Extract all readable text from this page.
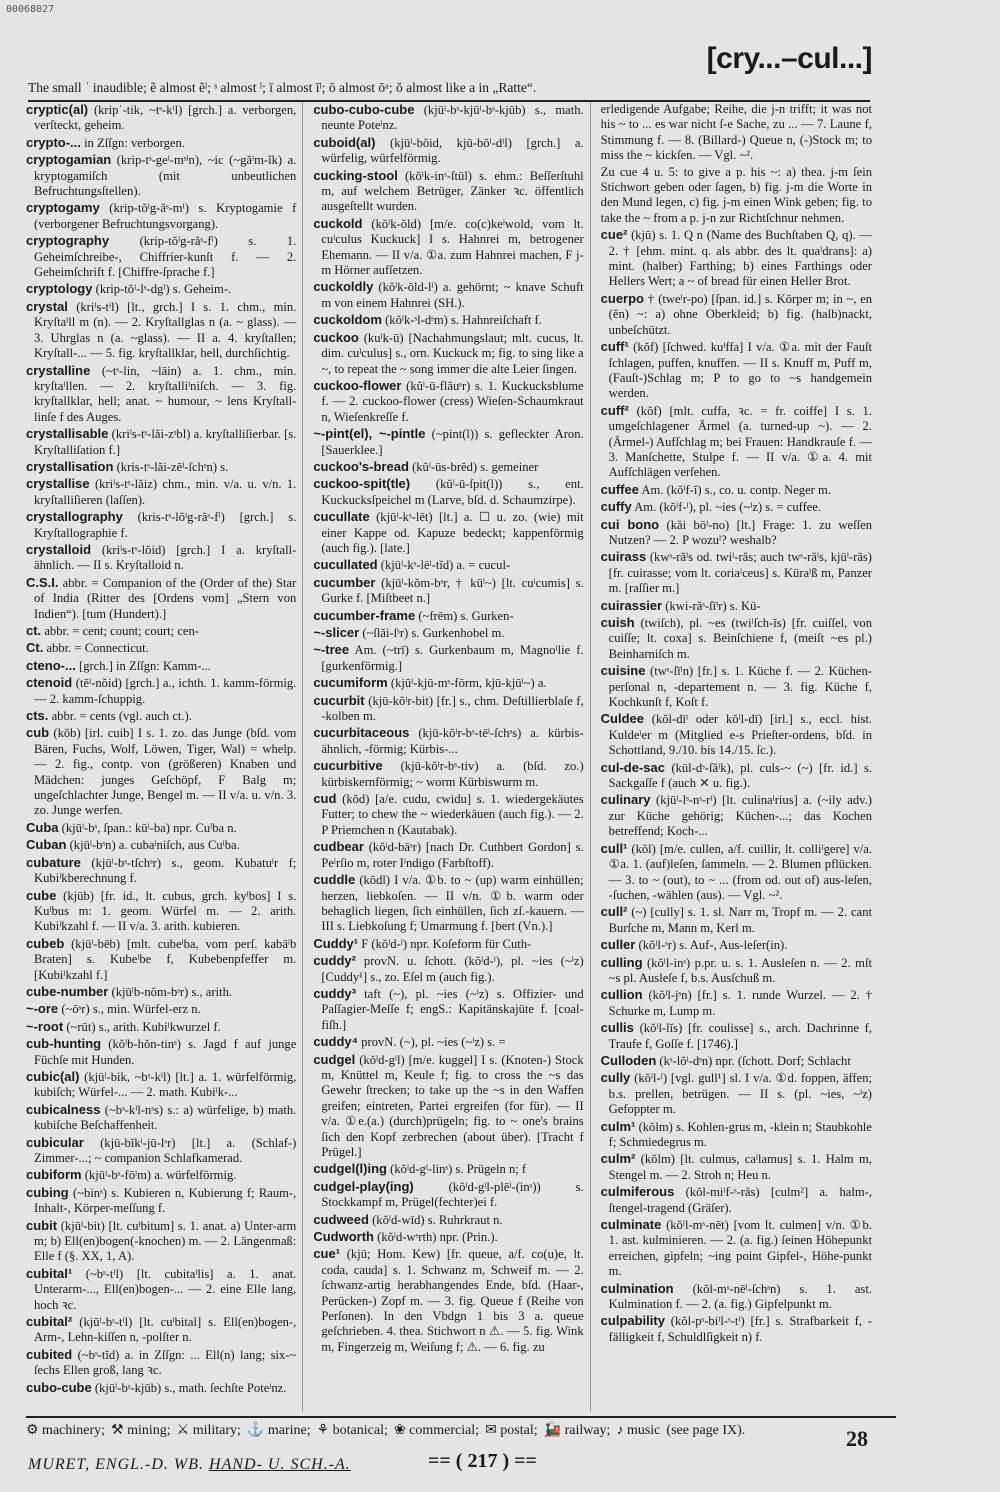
00068027
The small ˈ inaudible; ẽ almost ẽˡ; ˢ almost ˡ; ī almost īˡ; ō almost ōᵃ; ŏ almost like a in „Ratte“.
[cry...–cul...]

cryptic(al) (kripˈ-tik, ~tˢ-kˡl) [grch.] a. verborgen, verſteckt, geheim.

crypto-... in Zſſgn: verborgen.

cryptogamian (krip-tˢ-geˡ-mˢˡn), ~ic (~găˡm-ĭk) a. kryptogamiſch (mit unbeutlichen Befruchtungsſtellen).

cryptogamy (krip-tŏˡg-ăˢ-mˡ) s. Kryptogamie f (verborgener Befruchtungsvorgang).

cryptography (krip-tŏˡg-răˢ-fˡ) s. 1. Geheimſchreibe-, Chiffrier-kunſt f. — 2. Geheimſchrift f. [Chiffre-ſprache f.]

cryptology (krip-tŏˡ-lˢ-dgˡ) s. Geheim-.

crystal (kriˡs-tˡl) [lt., grch.] I s. 1. chm., min. Kryſtaˡll m (n). — 2. Kryſtallglas n (a. ~ glass). — 3. Uhrglas n (a. ~glass). — II a. 4. kryſtallen; Kryſtall-... — 5. fig. kryſtallklar, hell, durchſichtig.

crystalline (~tˢ-lin, ~lāin) a. 1. chm., min. kryſtaˡllen. — 2. kryſtalliˡniſch. — 3. fig. kryſtallklar, hell; anat. ~ humour, ~ lens Kryſtall-linſe f des Auges.

crystallisable (kriˡs-tˢ-lăi-zˢbl) a. kryſtalliſierbar. [s. Kryſtalliſation f.]

crystallisation (kris-tˢ-lăi-zēˡ-ſchˢn) s.

crystallise (kriˡs-tˢ-lăiz) chm., min. v/a. u. v/n. 1. kryſtalliſieren (laſſen).

crystallography (kris-tˢ-lŏˡg-răˢ-fˡ) [grch.] s. Kryſtallographie f.

crystalloid (kriˡs-tˢ-lŏid) [grch.] I a. kryſtall-ähnlich. — II s. Kryſtalloid n.

C.S.I. abbr. = Companion of the (Order of the) Star of India (Ritter des [Ordens vom] „Stern von Indien“). [tum (Hundert).]

ct. abbr. = cent; count; court; cen-

Ct. abbr. = Connecticut.

cteno-... [grch.] in Zſſgn: Kamm-...

ctenoid (tēˡ-nŏid) [grch.] a., ichth. 1. kamm-förmig. — 2. kamm-ſchuppig.

cts. abbr. = cents (vgl. auch ct.).

cub (kŏb) [irl. cuib] I s. 1. zo. das Junge (bſd. vom Bären, Fuchs, Wolf, Löwen, Tiger, Wal) = whelp. — 2. fig., contp. von (größeren) Knaben und Mädchen: junges Geſchöpf, F Balg m; ungeſchlachter Junge, Bengel m. — II v/a. u. v/n. 3. zo. Junge werfen.

Cuba (kjūˡ-bˢ, ſpan.: kūˡ-ba) npr. Cuˡba n.

Cuban (kjūˡ-bˢn) a. cubaˡniſch, aus Cuˡba.

cubature (kjūˡ-bˢ-tſchˢr) s., geom. Kubatuˡr f; Kubiˡkberechnung f.

cube (kjūb) [fr. id., lt. cubus, grch. kyˡbos] I s. Kuˡbus m: 1. geom. Würfel m. — 2. arith. Kubiˡkzahl f. — II v/a. 3. arith. kubieren.

cubeb (kjūˡ-bēb) [mlt. cubeˡba, vom perſ. kabāˡb Braten] s. Kubeˡbe f, Kubebenpfeffer m. [Kubiˡkzahl f.]

cube-number (kjūˡb-nŏm-bˢr) s., arith.

~-ore (~ōˢr) s., min. Würfel-erz n.

~-root (~rūt) s., arith. Kubiˡkwurzel f.

cub-hunting (kŏˡb-hŏn-tinˢ) s. Jagd f auf junge Füchſe mit Hunden.

cubic(al) (kjūˡ-bik, ~bˢ-kˡl) [lt.] a. 1. würfelförmig, kubiſch; Würfel-... — 2. math. Kubiˡk-...

cubicalness (~bˢ-kˡl-nˢs) s.: a) würfelige, b) math. kubiſche Beſchaffenheit.

cubicular (kjū-bĭkˡ-jū-lˢr) [lt.] a. (Schlaf-) Zimmer-...; ~ companion Schlafkamerad.

cubiform (kjūˡ-bˢ-fōˡm) a. würfelförmig.

cubing (~binˢ) s. Kubieren n, Kubierung f; Raum-, Inhalt-, Körper-meſſung f.

cubit (kjūˡ-bit) [lt. cuˡbitum] s. 1. anat. a) Unter-arm m; b) Ell(en)bogen(-knochen) m. — 2. Längenmaß: Elle f (§. XX, 1, A).

cubital¹ (~bˢ-tˡl) [lt. cubitaˡlis] a. 1. anat. Unterarm-..., Ell(en)bogen-... — 2. eine Elle lang, hoch ꝛc.

cubital² (kjūˡ-bˢ-tˡl) [lt. cuˡbital] s. Ell(en)bogen-, Arm-, Lehn-kiſſen n, -polſter n.

cubited (~bˢ-tĭd) a. in Zſſgn: ... Ell(n) lang; six-~ ſechs Ellen groß, lang ꝛc.

cubo-cube (kjūˡ-bˢ-kjūb) s., math. ſechſte Poteˡnz.

cubo-cubo-cube (kjūˡ-bˢ-kjūˡ-bˢ-kjūb) s., math. neunte Poteˡnz.

cuboid(al) (kjūˡ-bŏid, kjū-bŏˡ-dˡl) [grch.] a. würfelig, würfelförmig.

cucking-stool (kŏˡk-inˢ-ſtūl) s. ehm.: Beſſerſtuhl m, auf welchem Betrüger, Zänker ꝛc. öffentlich ausgeſtellt wurden.

cuckold (kŏˡk-ŏld) [m/e. co(c)keˡwold, vom lt. cuˡculus Kuckuck] I s. Hahnrei m, betrogener Ehemann. — II v/a. ①a. zum Hahnrei machen, F j-m Hörner aufſetzen.

cuckoldly (kŏˡk-ŏld-lˡ) a. gehörnt; ~ knave Schuft m von einem Hahnrei (SH.).

cuckoldom (kŏˡk-ˢl-dˢm) s. Hahnreiſchaft f.

cuckoo (kuˡk-ū) [Nachahmungslaut; mlt. cucus, lt. dim. cuˡculus] s., orn. Kuckuck m; fig. to sing like a ~, to repeat the ~ song immer die alte Leier ſingen.

cuckoo-flower (kŭˡ-ū-flăuˢr) s. 1. Kuckucksblume f. — 2. cuckoo-flower (cress) Wieſen-Schaumkraut n, Wieſenkreſſe f.

~-pint(el), ~-pintle (~pint(l)) s. gefleckter Aron. [Sauerklee.]

cuckoo's-bread (kŭˡ-ūs-brĕd) s. gemeiner

cuckoo-spit(tle) (kŭˡ-ū-ſpit(l)) s., ent. Kuckucksſpeichel m (Larve, bſd. d. Schaumzirpe).

cucullate (kjūˡ-kˢ-lēt) [lt.] a. ☐ u. zo. (wie) mit einer Kappe od. Kapuze bedeckt; kappenförmig (auch fig.). [late.]

cucullated (kjūˡ-kˢ-lēˡ-tĭd) a. = cucul-

cucumber (kjūˡ-kŏm-bˢr, † kūˡ~) [lt. cuˡcumis] s. Gurke f. [Miſtbeet n.]

cucumber-frame (~frēm) s. Gurken-

~-slicer (~ſlăi-ſˢr) s. Gurkenhobel m.

~-tree Am. (~trī) s. Gurkenbaum m, Magnoˡlie f. [gurkenförmig.]

cucumiform (kjūˡ-kjū-mˢ-fōrm, kjū-kjūˡ~) a.

cucurbit (kjū-kŏˡr-bit) [fr.] s., chm. Deſtillierblaſe f, -kolben m.

cucurbitaceous (kjū-kŏˡr-bˢ-tēˡ-ſchˢs) a. kürbis-ähnlich, -förmig; Kürbis-...

cucurbitive (kjū-kŏˡr-bˢ-tiv) a. (bſd. zo.) kürbiskernförmig; ~ worm Kürbiswurm m.

cud (kŏd) [a/e. cudu, cwidu] s. 1. wiedergekäutes Futter; to chew the ~ wiederkäuen (auch fig.). — 2. P Priemchen n (Kautabak).

cudbear (kŏˡd-bāˢr) [nach Dr. Cuthbert Gordon] s. Peˡrſio m, roter Iˡndigo (Farbſtoff).

cuddle (kŏdl) I v/a. ①b. to ~ (up) warm einhüllen; herzen, liebkoſen. — II v/n. ①b. warm oder behaglich liegen, ſich einhüllen, ſich zſ.-kauern. — III s. Liebkoſung f; Umarmung f. [bert (Vn.).]

Cuddy¹ F (kŏˡd-ˡ) npr. Koſeform für Cuth-

cuddy² provN. u. ſchott. (kŏˡd-ˡ), pl. ~ies (~ˡz) [Cuddy¹] s., zo. Eſel m (auch fig.).

cuddy³ taft (~), pl. ~ies (~ˡz) s. Offizier- und Paſſagier-Meſſe f; engS.: Kapitänskajüte f. [coal-fiſh.]

cuddy⁴ provN. (~), pl. ~ies (~ˡz) s. =

cudgel (kŏˡd-gˡl) [m/e. kuggel] I s. (Knoten-) Stock m, Knüttel m, Keule f; fig. to cross the ~s das Gewehr ſtrecken; to take up the ~s in den Waffen greifen; eintreten, Partei ergreifen (for für). — II v/a. ①e.(a.) (durch)prügeln; fig. to ~ one's brains ſich den Kopf zerbrechen (about über). [Tracht f Prügel.]

cudgel(l)ing (kŏˡd-gˡ-linˢ) s. Prügeln n; f

cudgel-play(ing)	(kŏˡd-gˡl-plēˡ-(inˢ)) s. Stockkampf m, Prügel(fechter)ei f.

cudweed (kŏˡd-wīd) s. Ruhrkraut n.

Cudworth (kŏˡd-wˢrth) npr. (Prin.).

cue¹ (kjū; Hom. Kew) [fr. queue, a/f. co(u)e, lt. coda, cauda] s. 1. Schwanz m, Schweif m. — 2. ſchwanz-artig herabhangendes Ende, bſd. (Haar-, Perücken-) Zopf m. — 3. fig. Queue f (Reihe von Perſonen). In den Vbdgn 1 bis 3 a. queue geſchrieben. 4. thea. Stichwort n ⚠. — 5. fig. Wink m, Fingerzeig m, Weiſung f; ⚠. — 6. fig. zu

erledigende Aufgabe; Reihe, die j-n trifft; it was not his ~ to ... es war nicht ſ-e Sache, zu ... — 7. Laune f, Stimmung f. — 8. (Billard-) Queue n, (-)Stock m; to miss the ~ kickſen. — Vgl. ~².

Zu cue 4 u. 5: to give a p. his ~: a) thea. j-m ſein Stichwort geben oder ſagen, b) fig. j-m die Worte in den Mund legen, c) fig. j-m einen Wink geben; fig. to take the ~ from a p. j-n zur Richtſchnur nehmen.

cue² (kjū) s. 1. Q n (Name des Buchſtaben Q, q). — 2. † [ehm. mint. q. als abbr. des lt. quaˡdrans]: a) mint. (halber) Farthing; b) eines Farthings oder Hellers Wert; a ~ of bread für einen Heller Brot.

cuerpo † (tweˡr-po) [ſpan. id.] s. Körper m; in ~, en (ĕn) ~: a) ohne Oberkleid; b) fig. (halb)nackt, unbeſchützt.

cuff¹ (kŏf) [ſchwed. kuˡffa] I v/a. ①a. mit der Fauſt ſchlagen, puffen, knuffen. — II s. Knuff m, Puff m, (Fauſt-)Schlag m; P to go to ~s handgemein werden.

cuff² (kŏf) [mlt. cuffa, ꝛc. = fr. coiffe] I s. 1. umgeſchlagener Ärmel (a. turned-up ~). — 2. (Ärmel-) Aufſchlag m; bei Frauen: Handkrauſe f. — 3. Manſchette, Stulpe f. — II v/a. ①a. 4. mit Aufſchlägen verſehen.

cuffee Am. (kŏˡf-ĭ) s., co. u. contp. Neger m.

cuffy Am. (kŏˡf-ˡ), pl. ~ies (~ˡz) s. = cuffee.

cui bono (kăi bōˡ-no) [lt.] Frage: 1. zu weſſen Nutzen? — 2. P wozuˡ? weshalb?

cuirass (kwˢ-răˡs od. twiˡ-răs; auch twˢ-răˡs, kjūˡ-răs) [fr. cuirasse; vom lt. coriaˡceus] s. Küraˡß m, Panzer m. [raſſier m.]

cuirassier (kwi-răˢ-ſīˡr) s. Kü-

cuish (twiſch), pl. ~es (twiˡſch-ĭs) [fr. cuiſſel, von cuiſſe; lt. coxa] s. Beinſchiene f, (meiſt ~es pl.) Beinharniſch m.

cuisine (twˢ-ſīˡn) [fr.] s. 1. Küche f. — 2. Küchen-perſonal n, -departement n. — 3. fig. Küche f, Kochkunſt f, Koſt f.

Culdee (kŏl-dīˡ oder kŏˡl-dī) [irl.] s., eccl. hist. Kuldeˡer m (Mitglied e-s Prieſter-ordens, bſd. in Schottland, 9./10. bis 14./15. ſc.).

cul-de-sac (kūl-dˢ-ſăˡk), pl. culs-~ (~) [fr. id.] s. Sackgaſſe f (auch ✕ u. fig.).

culinary (kjūˡ-lˢ-nˢ-rˡ) [lt. culinaˡrius] a. (~ily adv.) zur Küche gehörig; Küchen-...; das Kochen betreffend; Koch-...

cull¹ (kŏl) [m/e. cullen, a/f. cuillir, lt. colliˡgere] v/a. ①a. 1. (auf)leſen, ſammeln. — 2. Blumen pflücken. — 3. to ~ (out), to ~ ... (from od. out of) aus-leſen, -ſuchen, -wählen (aus). — Vgl. ~².

cull² (~) [cully] s. 1. sl. Narr m, Tropf m. — 2. cant Burſche m, Mann m, Kerl m.

culler (kŏˡl-ˢr) s. Auf-, Aus-leſer(in).

culling (kŏˡl-inˢ) p.pr. u. s. 1. Ausleſen n. — 2. mſt ~s pl. Ausleſe f, b.s. Ausſchuß m.

cullion (kŏˡl-jˢn) [fr.] s. 1. runde Wurzel. — 2. † Schurke m, Lump m.

cullis (kŏˡl-lĭs) [fr. coulisse] s., arch. Dachrinne f, Traufe f, Goſſe f. [1746).]

Culloden (kˢ-lŏˡ-dˢn) npr. (ſchott. Dorf; Schlacht

cully (kŏˡl-ˡ) [vgl. gull¹] sl. I v/a. ①d. foppen, äffen; b.s. prellen, betrügen. — II s. (pl. ~ies, ~ˡz) Gefoppter m.

culm¹ (kŏlm) s. Kohlen-grus m, -klein n; Staubkohle f; Schmiedegrus m.

culm² (kŏlm) [lt. culmus, caˡlamus] s. 1. Halm m, Stengel m. — 2. Stroh n; Heu n.

culmiferous (kŏl-miˡf-ˢ-răs) [culm²] a. halm-, ſtengel-tragend (Gräſer).

culminate (kŏˡl-mˢ-nēt) [vom lt. culmen] v/n. ①b. 1. ast. kulminieren. — 2. (a. fig.) ſeinen Höhepunkt erreichen, gipfeln; ~ing point Gipfel-, Höhe-punkt m.

culmination (kŏl-mˢ-nēˡ-ſchˢn) s. 1. ast. Kulmination f. — 2. (a. fig.) Gipfelpunkt m.

culpability (kŏl-pˢ-biˡl-ˢ-tˡ) [fr.] s. Strafbarkeit f, -fälligkeit f, Schuldlſigkeit n) f.

⚙ machinery; ⚒ mining; ⚔ military; ⚓ marine; ⚘ botanical; ❀ commercial; ✉ postal; 🚂 railway; ♪ music (see page IX).
MURET, ENGL.-D. WB. HAND- U. SCH.-A.	== ( 217 ) ==
28
